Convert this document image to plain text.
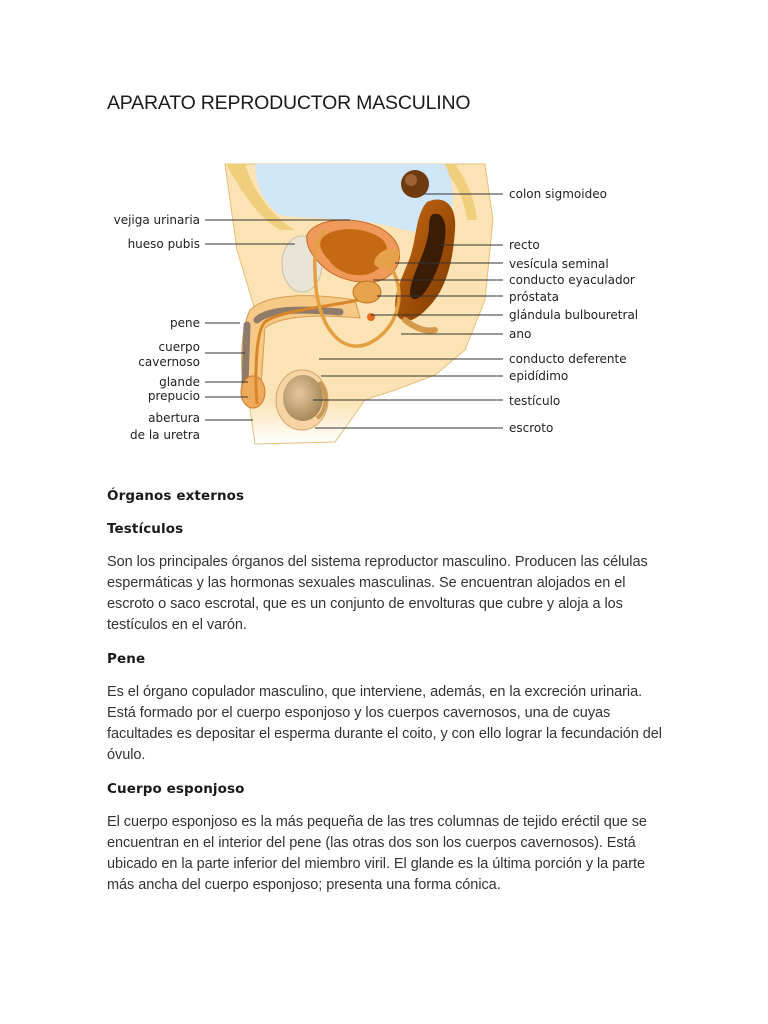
APARATO REPRODUCTOR MASCULINO
vejiga urinaria
hueso pubis
pene
cuerpo
cavernoso
glande
prepucio
abertura
de la uretra
colon sigmoideo
recto
vesícula seminal
conducto eyaculador
próstata
glándula bulbouretral
ano
conducto deferente
epidídimo
testículo
escroto
Órganos externos
Testículos

Son los principales órganos del sistema reproductor masculino. Producen las células espermáticas y las hormonas sexuales masculinas. Se encuentran alojados en el escroto o saco escrotal, que es un conjunto de envolturas que cubre y aloja a los testículos en el varón.

Pene

Es el órgano copulador masculino, que interviene, además, en la excreción urinaria. Está formado por el cuerpo esponjoso y los cuerpos cavernosos, una de cuyas facultades es depositar el esperma durante el coito, y con ello lograr la fecundación del óvulo.

Cuerpo esponjoso

El cuerpo esponjoso es la más pequeña de las tres columnas de tejido eréctil que se encuentran en el interior del pene (las otras dos son los cuerpos cavernosos). Está ubicado en la parte inferior del miembro viril. El glande es la última porción y la parte más ancha del cuerpo esponjoso; presenta una forma cónica.
